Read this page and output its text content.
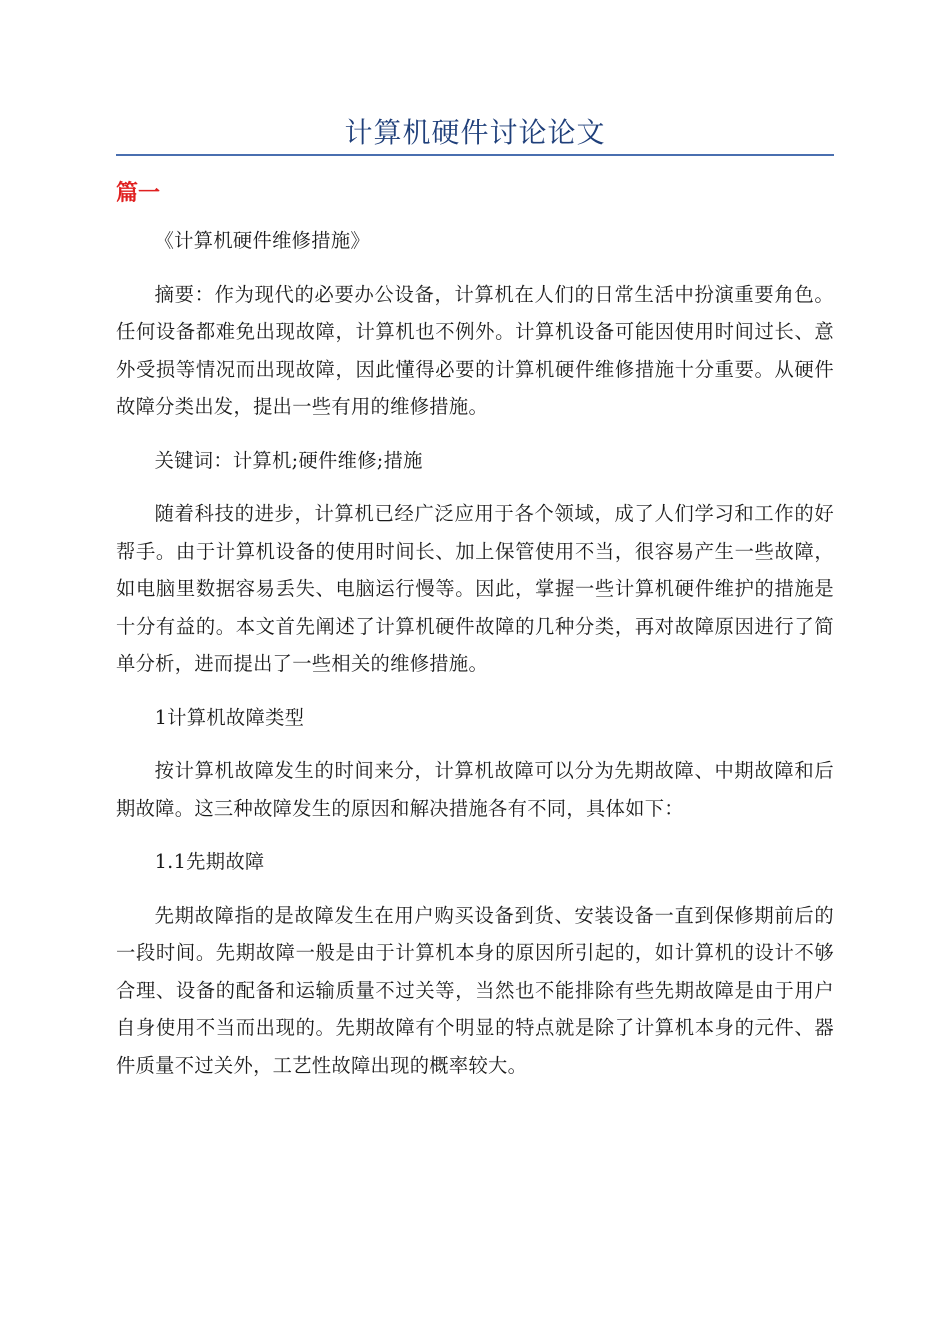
计算机硬件讨论论文
篇一

《计算机硬件维修措施》

摘要：作为现代的必要办公设备，计算机在人们的日常生活中扮演重要角色。任何设备都难免出现故障，计算机也不例外。计算机设备可能因使用时间过长、意外受损等情况而出现故障，因此懂得必要的计算机硬件维修措施十分重要。从硬件故障分类出发，提出一些有用的维修措施。

关键词：计算机;硬件维修;措施

随着科技的进步，计算机已经广泛应用于各个领域，成了人们学习和工作的好帮手。由于计算机设备的使用时间长、加上保管使用不当，很容易产生一些故障，如电脑里数据容易丢失、电脑运行慢等。因此，掌握一些计算机硬件维护的措施是十分有益的。本文首先阐述了计算机硬件故障的几种分类，再对故障原因进行了简单分析，进而提出了一些相关的维修措施。

1计算机故障类型

按计算机故障发生的时间来分，计算机故障可以分为先期故障、中期故障和后期故障。这三种故障发生的原因和解决措施各有不同，具体如下：

1.1先期故障

先期故障指的是故障发生在用户购买设备到货、安装设备一直到保修期前后的一段时间。先期故障一般是由于计算机本身的原因所引起的，如计算机的设计不够合理、设备的配备和运输质量不过关等，当然也不能排除有些先期故障是由于用户自身使用不当而出现的。先期故障有个明显的特点就是除了计算机本身的元件、器件质量不过关外，工艺性故障出现的概率较大。
